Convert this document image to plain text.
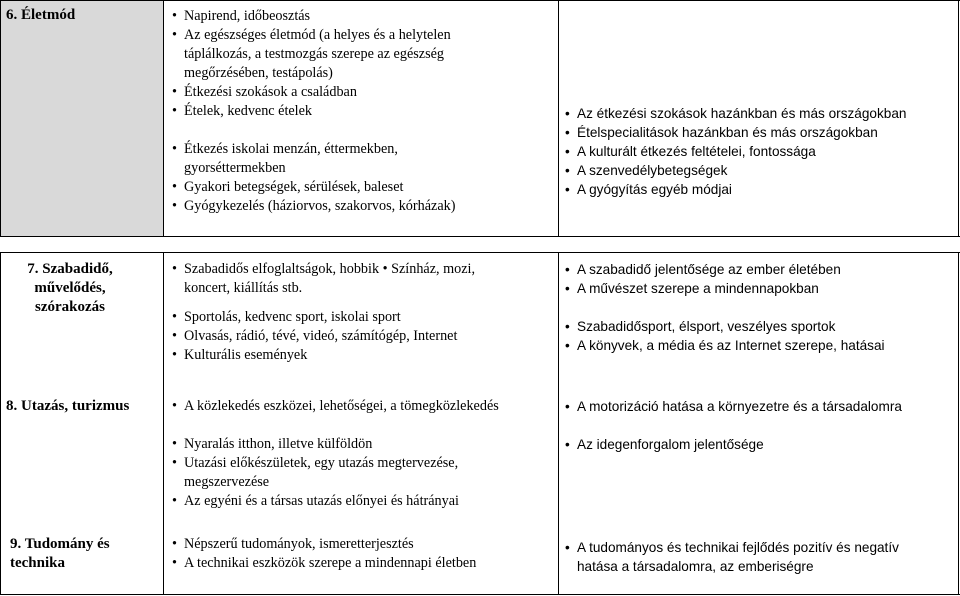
6. Életmód	• Napirend, időbeosztás
• Az egészséges életmód (a helyes és a helytelen
táplálkozás, a testmozgás szerepe az egészség
megőrzésében, testápolás)
• Étkezési szokások a családban
• Ételek, kedvenc ételek
• Étkezés iskolai menzán, éttermekben,
gyorséttermekben
• Gyakori betegségek, sérülések, baleset
• Gyógykezelés (háziorvos, szakorvos, kórházak)
• Az étkezési szokások hazánkban és más országokban
• Ételspecialitások hazánkban és más országokban
• A kulturált étkezés feltételei, fontossága
• A szenvedélybetegségek
• A gyógyítás egyéb módjai
7. Szabadidő,
művelődés,
szórakozás
• Szabadidős elfoglaltságok, hobbik • Színház, mozi,
koncert, kiállítás stb.
• Sportolás, kedvenc sport, iskolai sport
• Olvasás, rádió, tévé, videó, számítógép, Internet
• Kulturális események
• A szabadidő jelentősége az ember életében
• A művészet szerepe a mindennapokban
• Szabadidősport, élsport, veszélyes sportok
• A könyvek, a média és az Internet szerepe, hatásai
8. Utazás, turizmus	• A közlekedés eszközei, lehetőségei, a tömegközlekedés
• Nyaralás itthon, illetve külföldön
• Utazási előkészületek, egy utazás megtervezése,
megszervezése
• Az egyéni és a társas utazás előnyei és hátrányai
• A motorizáció hatása a környezetre és a társadalomra
• Az idegenforgalom jelentősége
9. Tudomány és
technika
• Népszerű tudományok, ismeretterjesztés
• A technikai eszközök szerepe a mindennapi életben
• A tudományos és technikai fejlődés pozitív és negatív
hatása a társadalomra, az emberiségre
